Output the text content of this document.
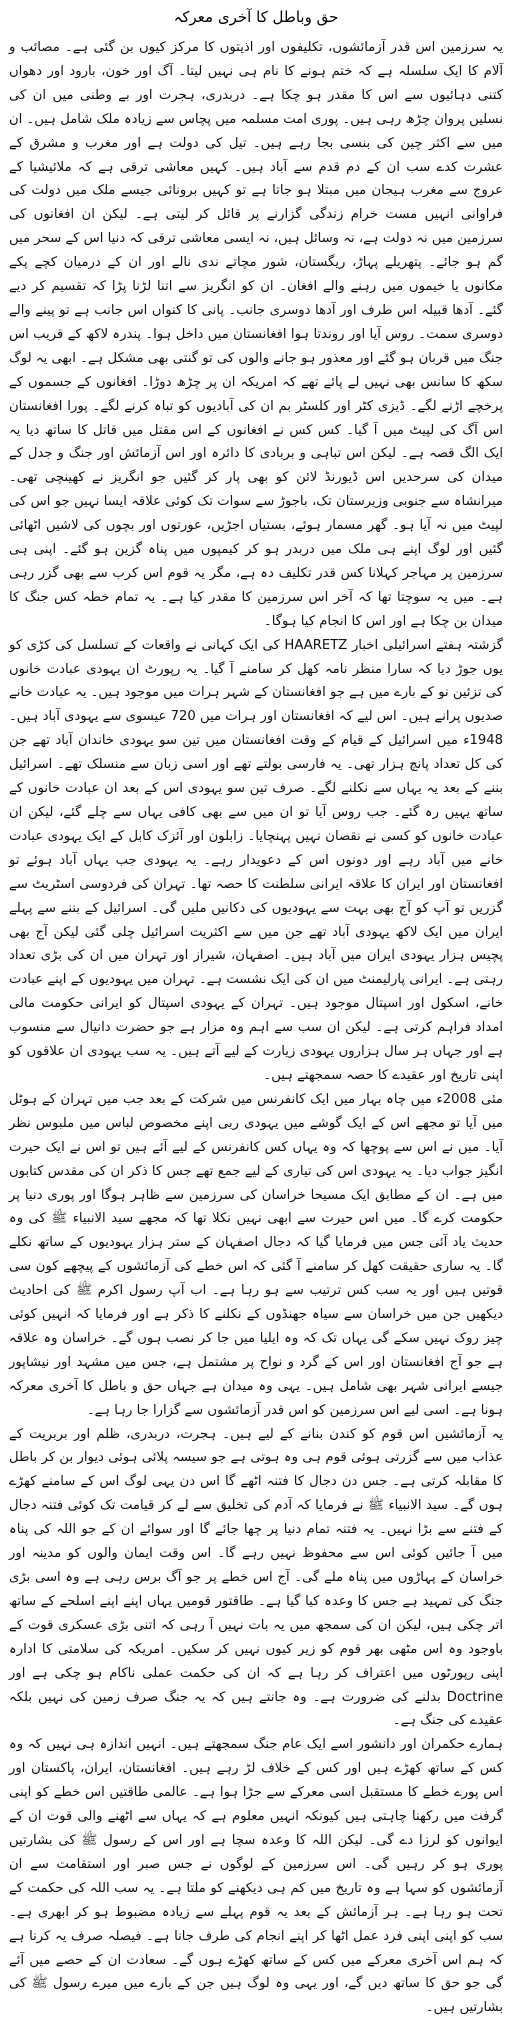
حق وباطل کا آخری معرکہ

یہ سرزمین اس قدر آزمائشوں، تکلیفوں اور اذیتوں کا مرکز کیوں بن گئی ہے۔ مصائب و آلام کا ایک سلسلہ ہے کہ ختم ہونے کا نام ہی نہیں لیتا۔ آگ اور خون، بارود اور دھواں کتنی دہائیوں سے اس کا مقدر ہو چکا ہے۔ دربدری، ہجرت اور بے وطنی میں ان کی نسلیں پروان چڑھ رہی ہیں۔ پوری امت مسلمہ میں پچاس سے زیادہ ملک شامل ہیں۔ ان میں سے اکثر چین کی بنسی بجا رہے ہیں۔ تیل کی دولت ہے اور مغرب و مشرق کے عشرت کدے سب ان کے دم قدم سے آباد ہیں۔ کہیں معاشی ترقی ہے کہ ملائیشیا کے عروج سے مغرب ہیجان میں مبتلا ہو جاتا ہے تو کہیں برونائی جیسے ملک میں دولت کی فراوانی انہیں مست خرام زندگی گزارنے پر قائل کر لیتی ہے۔ لیکن ان افغانوں کی سرزمین میں نہ دولت ہے، نہ وسائل ہیں، نہ ایسی معاشی ترقی کہ دنیا اس کے سحر میں گم ہو جائے۔ پتھریلے پہاڑ، ریگستان، شور مچاتے ندی نالے اور ان کے درمیان کچے پکے مکانوں یا خیموں میں رہنے والے افغان۔ ان کو انگریز سے اتنا لڑنا پڑا کہ تقسیم کر دیے گئے۔ آدھا قبیلہ اس طرف اور آدھا دوسری جانب۔ پانی کا کنواں اس جانب ہے تو پینے والے دوسری سمت۔ روس آیا اور روندتا ہوا افغانستان میں داخل ہوا۔ پندرہ لاکھ کے قریب اس جنگ میں قربان ہو گئے اور معذور ہو جانے والوں کی تو گنتی بھی مشکل ہے۔ ابھی یہ لوگ سکھ کا سانس بھی نہیں لے پائے تھے کہ امریکہ ان پر چڑھ دوڑا۔ افغانوں کے جسموں کے پرخچے اڑنے لگے۔ ڈیزی کٹر اور کلسٹر بم ان کی آبادیوں کو تباہ کرنے لگے۔ پورا افغانستان اس آگ کی لپیٹ میں آ گیا۔ کس کس نے افغانوں کے اس مقتل میں قاتل کا ساتھ دیا یہ ایک الگ قصہ ہے۔ لیکن اس تباہی و بربادی کا دائرہ اور اس آزمائش اور جنگ و جدل کے میدان کی سرحدیں اس ڈیورنڈ لائن کو بھی پار کر گئیں جو انگریز نے کھینچی تھی۔ میرانشاہ سے جنوبی وزیرستان تک، باجوڑ سے سوات تک کوئی علاقہ ایسا نہیں جو اس کی لپیٹ میں نہ آیا ہو۔ گھر مسمار ہوئے، بستیاں اجڑیں، عورتوں اور بچوں کی لاشیں اٹھائی گئیں اور لوگ اپنے ہی ملک میں دربدر ہو کر کیمپوں میں پناہ گزین ہو گئے۔ اپنی ہی سرزمین پر مہاجر کہلانا کس قدر تکلیف دہ ہے، مگر یہ قوم اس کرب سے بھی گزر رہی ہے۔ میں یہ سوچتا تھا کہ آخر اس سرزمین کا مقدر کیا ہے۔ یہ تمام خطہ کس جنگ کا میدان بن چکا ہے اور اس کا انجام کیا ہوگا۔

گزشتہ ہفتے اسرائیلی اخبار HAARETZ کی ایک کہانی نے واقعات کے تسلسل کی کڑی کو یوں جوڑ دیا کہ سارا منظر نامہ کھل کر سامنے آ گیا۔ یہ رپورٹ ان یہودی عبادت خانوں کی تزئین نو کے بارے میں ہے جو افغانستان کے شہر ہرات میں موجود ہیں۔ یہ عبادت خانے صدیوں پرانے ہیں۔ اس لیے کہ افغانستان اور ہرات میں 720 عیسوی سے یہودی آباد ہیں۔ 1948ء میں اسرائیل کے قیام کے وقت افغانستان میں تین سو یہودی خاندان آباد تھے جن کی کل تعداد پانچ ہزار تھی۔ یہ فارسی بولتے تھے اور اسی زبان سے منسلک تھے۔ اسرائیل بننے کے بعد یہ یہاں سے نکلنے لگے۔ صرف تین سو یہودی اس کے بعد ان عبادت خانوں کے ساتھ یہیں رہ گئے۔ جب روس آیا تو ان میں سے بھی کافی یہاں سے چلے گئے، لیکن ان عبادت خانوں کو کسی نے نقصان نہیں پہنچایا۔ زابلون اور آئزک کابل کے ایک یہودی عبادت خانے میں آباد رہے اور دونوں اس کے دعویدار رہے۔ یہ یہودی جب یہاں آباد ہوئے تو افغانستان اور ایران کا علاقہ ایرانی سلطنت کا حصہ تھا۔ تہران کی فردوسی اسٹریٹ سے گزریں تو آپ کو آج بھی بہت سے یہودیوں کی دکانیں ملیں گی۔ اسرائیل کے بننے سے پہلے ایران میں ایک لاکھ یہودی آباد تھے جن میں سے اکثریت اسرائیل چلی گئی لیکن آج بھی پچیس ہزار یہودی ایران میں آباد ہیں۔ اصفہان، شیراز اور تہران میں ان کی بڑی تعداد رہتی ہے۔ ایرانی پارلیمنٹ میں ان کی ایک نشست ہے۔ تہران میں یہودیوں کے اپنے عبادت خانے، اسکول اور اسپتال موجود ہیں۔ تہران کے یہودی اسپتال کو ایرانی حکومت مالی امداد فراہم کرتی ہے۔ لیکن ان سب سے اہم وہ مزار ہے جو حضرت دانیال سے منسوب ہے اور جہاں ہر سال ہزاروں یہودی زیارت کے لیے آتے ہیں۔ یہ سب یہودی ان علاقوں کو اپنی تاریخ اور عقیدے کا حصہ سمجھتے ہیں۔

مئی 2008ء میں چاہ بہار میں ایک کانفرنس میں شرکت کے بعد جب میں تہران کے ہوٹل میں آیا تو مجھے اس کے ایک گوشے میں یہودی ربی اپنے مخصوص لباس میں ملبوس نظر آیا۔ میں نے اس سے پوچھا کہ وہ یہاں کس کانفرنس کے لیے آئے ہیں تو اس نے ایک حیرت انگیز جواب دیا۔ یہ یہودی اس کی تیاری کے لیے جمع تھے جس کا ذکر ان کی مقدس کتابوں میں ہے۔ ان کے مطابق ایک مسیحا خراسان کی سرزمین سے ظاہر ہوگا اور پوری دنیا پر حکومت کرے گا۔ میں اس حیرت سے ابھی نہیں نکلا تھا کہ مجھے سید الانبیاء ﷺ کی وہ حدیث یاد آئی جس میں فرمایا گیا کہ دجال اصفہان کے ستر ہزار یہودیوں کے ساتھ نکلے گا۔ یہ ساری حقیقت کھل کر سامنے آ گئی کہ اس خطے کی آزمائشوں کے پیچھے کون سی قوتیں ہیں اور یہ سب کس ترتیب سے ہو رہا ہے۔ اب آپ رسول اکرم ﷺ کی احادیث دیکھیں جن میں خراسان سے سیاہ جھنڈوں کے نکلنے کا ذکر ہے اور فرمایا کہ انہیں کوئی چیز روک نہیں سکے گی یہاں تک کہ وہ ایلیا میں جا کر نصب ہوں گے۔ خراسان وہ علاقہ ہے جو آج افغانستان اور اس کے گرد و نواح پر مشتمل ہے، جس میں مشہد اور نیشاپور جیسے ایرانی شہر بھی شامل ہیں۔ یہی وہ میدان ہے جہاں حق و باطل کا آخری معرکہ ہونا ہے۔ اسی لیے اس سرزمین کو اس قدر آزمائشوں سے گزارا جا رہا ہے۔

یہ آزمائشیں اس قوم کو کندن بنانے کے لیے ہیں۔ ہجرت، دربدری، ظلم اور بربریت کے عذاب میں سے گزرتی ہوئی قوم ہی وہ ہوتی ہے جو سیسہ پلائی ہوئی دیوار بن کر باطل کا مقابلہ کرتی ہے۔ جس دن دجال کا فتنہ اٹھے گا اس دن یہی لوگ اس کے سامنے کھڑے ہوں گے۔ سید الانبیاء ﷺ نے فرمایا کہ آدم کی تخلیق سے لے کر قیامت تک کوئی فتنہ دجال کے فتنے سے بڑا نہیں۔ یہ فتنہ تمام دنیا پر چھا جائے گا اور سوائے ان کے جو اللہ کی پناہ میں آ جائیں کوئی اس سے محفوظ نہیں رہے گا۔ اس وقت ایمان والوں کو مدینہ اور خراسان کے پہاڑوں میں پناہ ملے گی۔ آج اس خطے پر جو آگ برس رہی ہے وہ اسی بڑی جنگ کی تمہید ہے جس کا وعدہ کیا گیا ہے۔ طاقتور قومیں یہاں اپنے اپنے اسلحے کے ساتھ اتر چکی ہیں، لیکن ان کی سمجھ میں یہ بات نہیں آ رہی کہ اتنی بڑی عسکری قوت کے باوجود وہ اس مٹھی بھر قوم کو زیر کیوں نہیں کر سکیں۔ امریکہ کی سلامتی کا ادارہ اپنی رپورٹوں میں اعتراف کر رہا ہے کہ ان کی حکمت عملی ناکام ہو چکی ہے اور Doctrine بدلنے کی ضرورت ہے۔ وہ جانتے ہیں کہ یہ جنگ صرف زمین کی نہیں بلکہ عقیدے کی جنگ ہے۔

ہمارے حکمران اور دانشور اسے ایک عام جنگ سمجھتے ہیں۔ انہیں اندازہ ہی نہیں کہ وہ کس کے ساتھ کھڑے ہیں اور کس کے خلاف لڑ رہے ہیں۔ افغانستان، ایران، پاکستان اور اس پورے خطے کا مستقبل اسی معرکے سے جڑا ہوا ہے۔ عالمی طاقتیں اس خطے کو اپنی گرفت میں رکھنا چاہتی ہیں کیونکہ انہیں معلوم ہے کہ یہاں سے اٹھنے والی قوت ان کے ایوانوں کو لرزا دے گی۔ لیکن اللہ کا وعدہ سچا ہے اور اس کے رسول ﷺ کی بشارتیں پوری ہو کر رہیں گی۔ اس سرزمین کے لوگوں نے جس صبر اور استقامت سے ان آزمائشوں کو سہا ہے وہ تاریخ میں کم ہی دیکھنے کو ملتا ہے۔ یہ سب اللہ کی حکمت کے تحت ہو رہا ہے۔ ہر آزمائش کے بعد یہ قوم پہلے سے زیادہ مضبوط ہو کر ابھری ہے۔ سب کو اپنی اپنی فرد عمل اٹھا کر اپنے انجام کی طرف جانا ہے۔ فیصلہ صرف یہ کرنا ہے کہ ہم اس آخری معرکے میں کس کے ساتھ کھڑے ہوں گے۔ سعادت ان کے حصے میں آئے گی جو حق کا ساتھ دیں گے، اور یہی وہ لوگ ہیں جن کے بارے میں میرے رسول ﷺ کی بشارتیں ہیں۔
